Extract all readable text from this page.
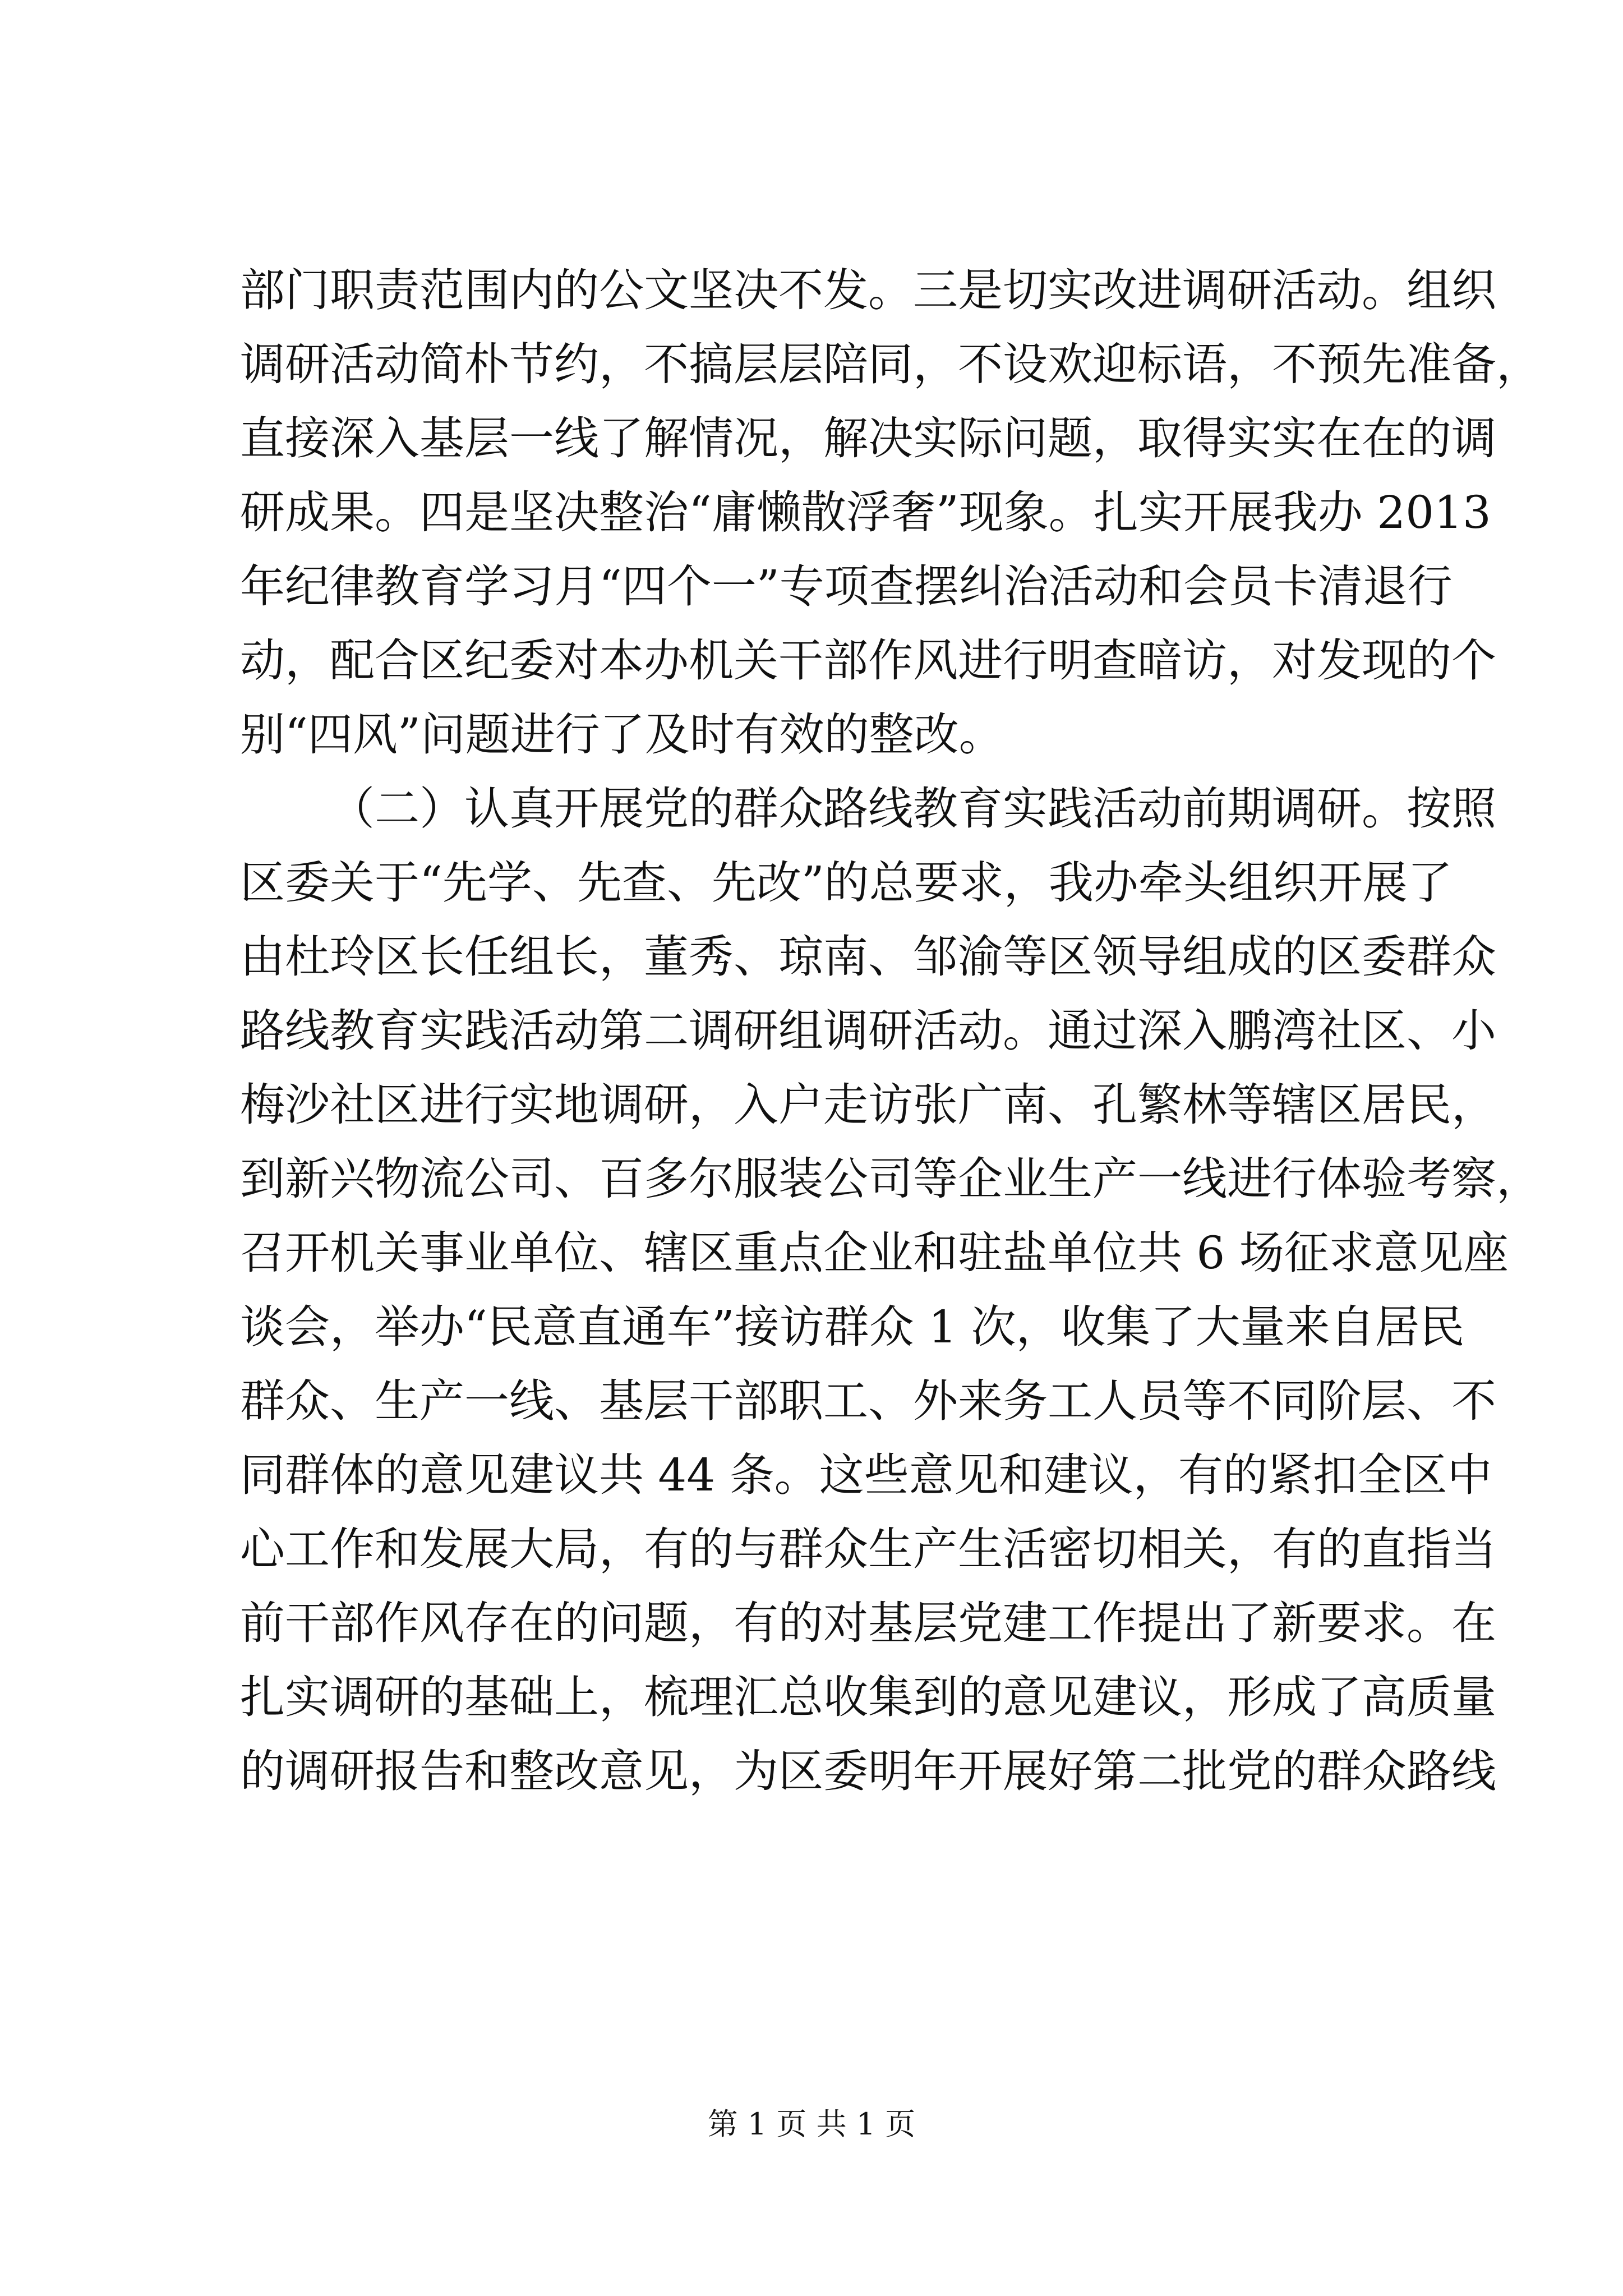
部门职责范围内的公文坚决不发。三是切实改进调研活动。组织
调研活动简朴节约，不搞层层陪同，不设欢迎标语，不预先准备，
直接深入基层一线了解情况，解决实际问题，取得实实在在的调
研成果。四是坚决整治“庸懒散浮奢”现象。扎实开展我办 2013
年纪律教育学习月“四个一”专项查摆纠治活动和会员卡清退行
动，配合区纪委对本办机关干部作风进行明查暗访，对发现的个
别“四风”问题进行了及时有效的整改。
（二）认真开展党的群众路线教育实践活动前期调研。按照
区委关于“先学、先查、先改”的总要求，我办牵头组织开展了
由杜玲区长任组长，董秀、琼南、邹渝等区领导组成的区委群众
路线教育实践活动第二调研组调研活动。通过深入鹏湾社区、小
梅沙社区进行实地调研，入户走访张广南、孔繁林等辖区居民，
到新兴物流公司、百多尔服装公司等企业生产一线进行体验考察，
召开机关事业单位、辖区重点企业和驻盐单位共 6 场征求意见座
谈会，举办“民意直通车”接访群众 1 次，收集了大量来自居民
群众、生产一线、基层干部职工、外来务工人员等不同阶层、不
同群体的意见建议共 44 条。这些意见和建议，有的紧扣全区中
心工作和发展大局，有的与群众生产生活密切相关，有的直指当
前干部作风存在的问题，有的对基层党建工作提出了新要求。在
扎实调研的基础上，梳理汇总收集到的意见建议，形成了高质量
的调研报告和整改意见，为区委明年开展好第二批党的群众路线
第 1 页 共 1 页
